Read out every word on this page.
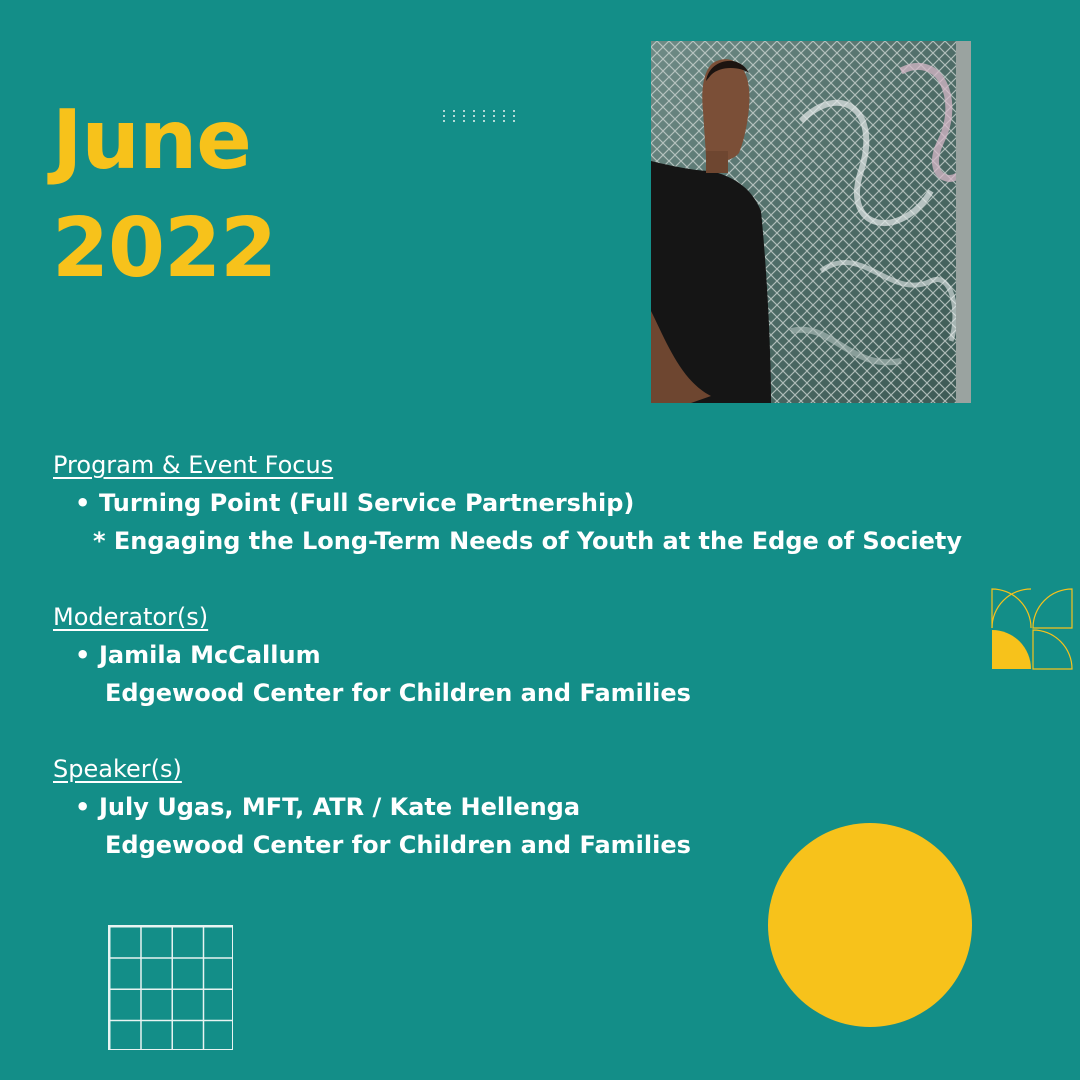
June
2022
Program & Event Focus
• Turning Point (Full Service Partnership)
* Engaging the Long-Term Needs of Youth at the Edge of Society
Moderator(s)
• Jamila McCallum
Edgewood Center for Children and Families
Speaker(s)
• July Ugas, MFT, ATR / Kate Hellenga
Edgewood Center for Children and Families
